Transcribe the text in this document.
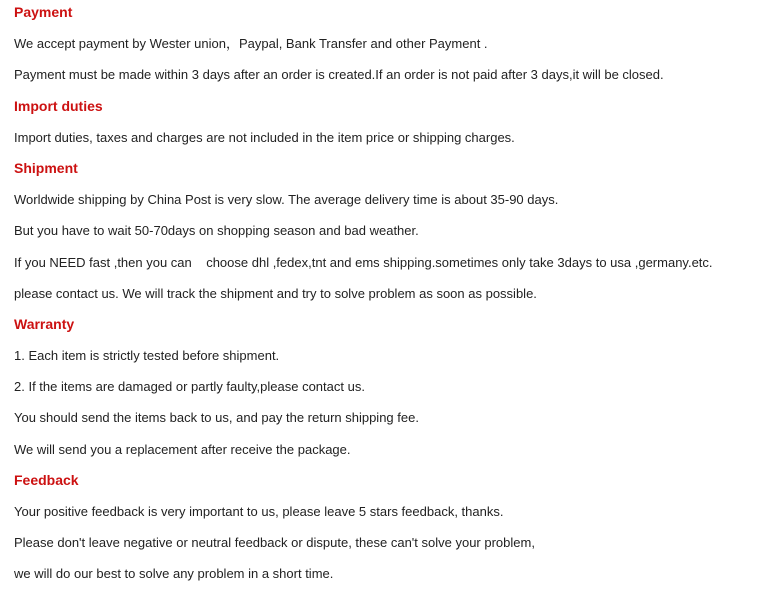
Payment
We accept payment by Wester union，Paypal, Bank Transfer and other Payment .
Payment must be made within 3 days after an order is created.If an order is not paid after 3 days,it will be closed.
Import duties
Import duties, taxes and charges are not included in the item price or shipping charges.
Shipment
Worldwide shipping by China Post is very slow. The average delivery time is about 35-90 days.
But you have to wait 50-70days on shopping season and bad weather.
If you NEED fast ,then you can    choose dhl ,fedex,tnt and ems shipping.sometimes only take 3days to usa ,germany.etc.
please contact us. We will track the shipment and try to solve problem as soon as possible.
Warranty
1. Each item is strictly tested before shipment.
2. If the items are damaged or partly faulty,please contact us.
You should send the items back to us, and pay the return shipping fee.
We will send you a replacement after receive the package.
Feedback
Your positive feedback is very important to us, please leave 5 stars feedback, thanks.
Please don't leave negative or neutral feedback or dispute, these can't solve your problem,
we will do our best to solve any problem in a short time.
